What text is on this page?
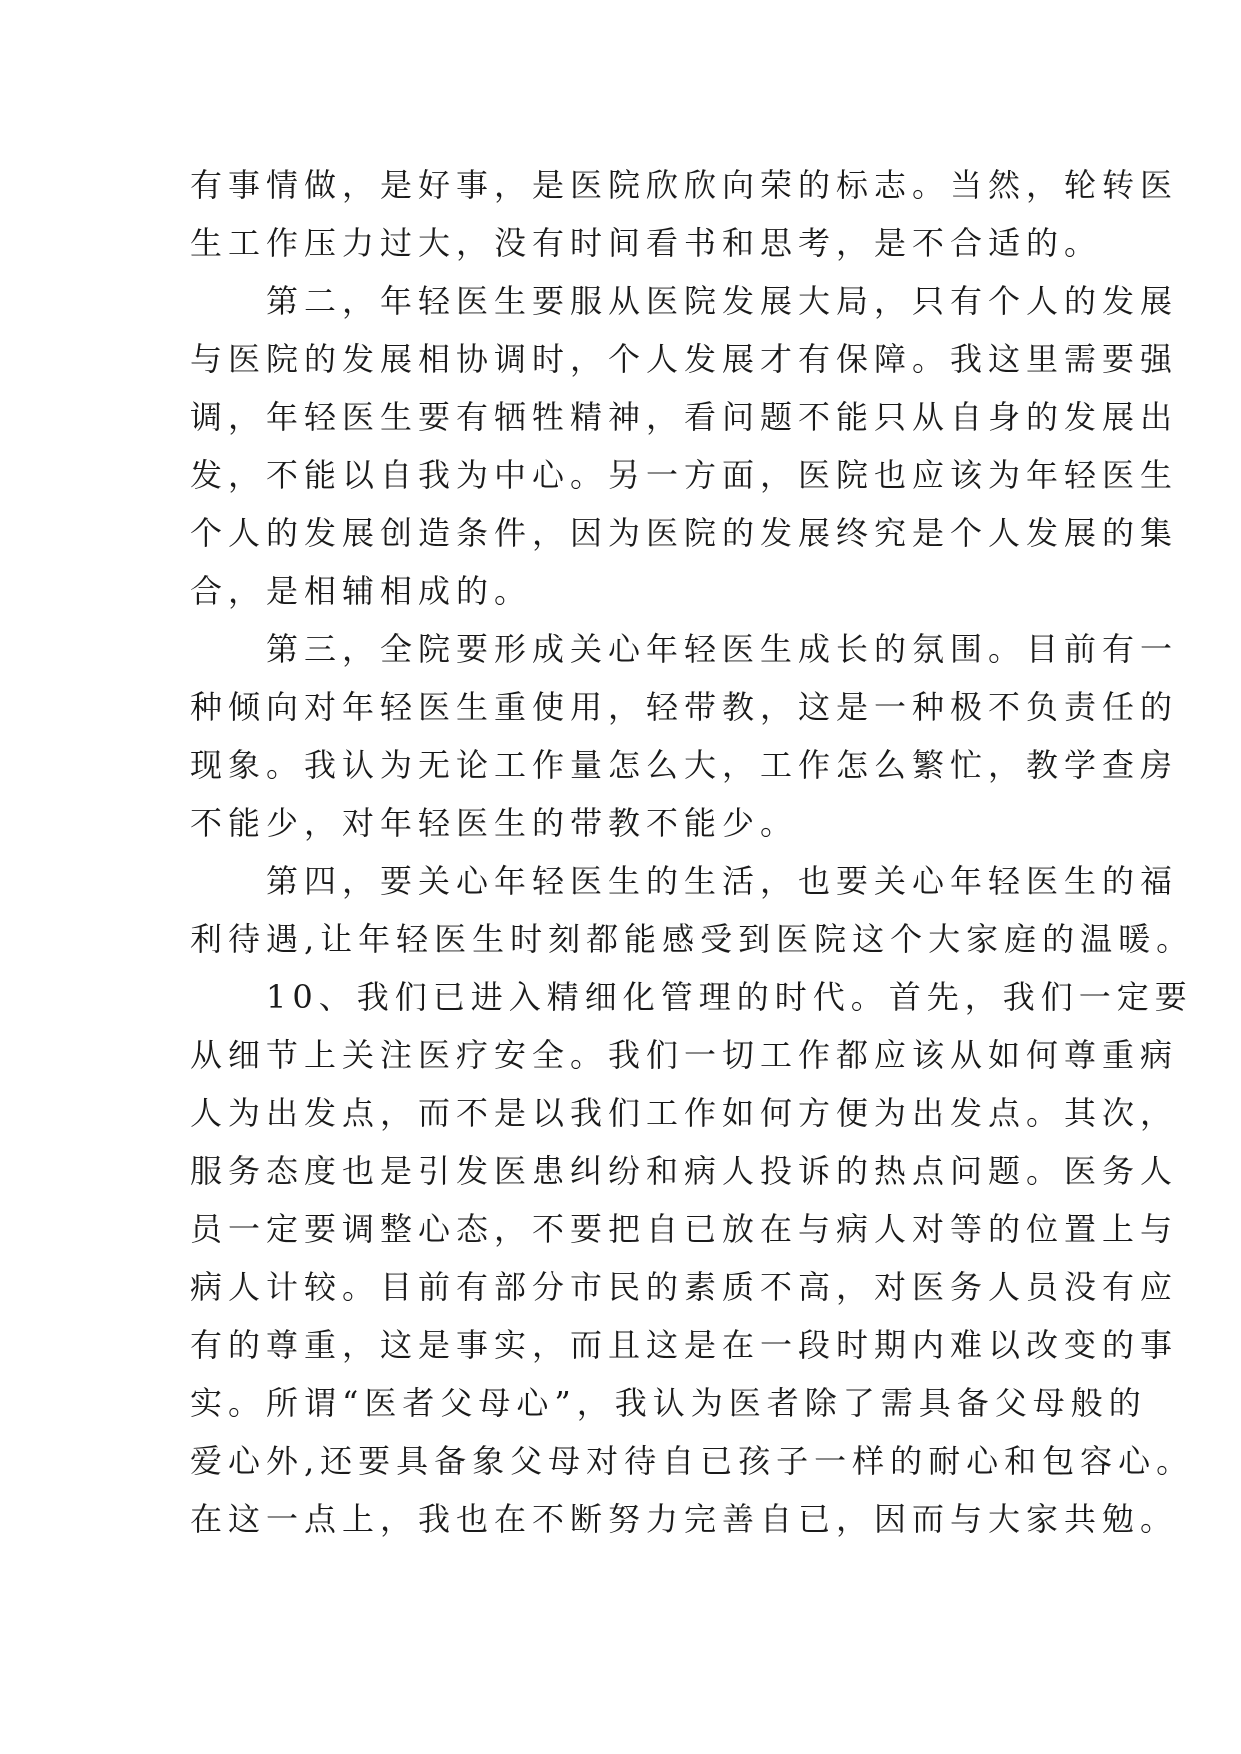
有事情做，是好事，是医院欣欣向荣的标志。当然，轮转医
生工作压力过大，没有时间看书和思考，是不合适的。
　　第二，年轻医生要服从医院发展大局，只有个人的发展
与医院的发展相协调时，个人发展才有保障。我这里需要强
调，年轻医生要有牺牲精神，看问题不能只从自身的发展出
发，不能以自我为中心。另一方面，医院也应该为年轻医生
个人的发展创造条件，因为医院的发展终究是个人发展的集
合，是相辅相成的。
　　第三，全院要形成关心年轻医生成长的氛围。目前有一
种倾向对年轻医生重使用，轻带教，这是一种极不负责任的
现象。我认为无论工作量怎么大，工作怎么繁忙，教学查房
不能少，对年轻医生的带教不能少。
　　第四，要关心年轻医生的生活，也要关心年轻医生的福
利待遇,让年轻医生时刻都能感受到医院这个大家庭的温暖。
　　10、我们已进入精细化管理的时代。首先，我们一定要
从细节上关注医疗安全。我们一切工作都应该从如何尊重病
人为出发点，而不是以我们工作如何方便为出发点。其次，
服务态度也是引发医患纠纷和病人投诉的热点问题。医务人
员一定要调整心态，不要把自已放在与病人对等的位置上与
病人计较。目前有部分市民的素质不高，对医务人员没有应
有的尊重，这是事实，而且这是在一段时期内难以改变的事
实。所谓“医者父母心”，我认为医者除了需具备父母般的
爱心外,还要具备象父母对待自已孩子一样的耐心和包容心。
在这一点上，我也在不断努力完善自已，因而与大家共勉。
